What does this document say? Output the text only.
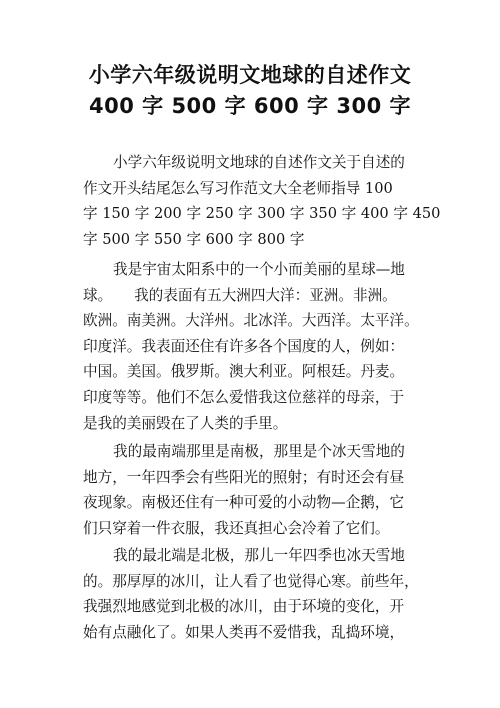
小学六年级说明文地球的自述作文
400 字 500 字 600 字 300 字
小学六年级说明文地球的自述作文关于自述的
作文开头结尾怎么写习作范文大全老师指导 100
字 150 字 200 字 250 字 300 字 350 字 400 字 450
字 500 字 550 字 600 字 800 字
我是宇宙太阳系中的一个小而美丽的星球—地
球。　　我的表面有五大洲四大洋：亚洲。非洲。
欧洲。南美洲。大洋州。北冰洋。大西洋。太平洋。
印度洋。我表面还住有许多各个国度的人，例如：
中国。美国。俄罗斯。澳大利亚。阿根廷。丹麦。
印度等等。他们不怎么爱惜我这位慈祥的母亲，于
是我的美丽毁在了人类的手里。
我的最南端那里是南极，那里是个冰天雪地的
地方，一年四季会有些阳光的照射；有时还会有昼
夜现象。南极还住有一种可爱的小动物—企鹅，它
们只穿着一件衣服，我还真担心会冷着了它们。
我的最北端是北极，那儿一年四季也冰天雪地
的。那厚厚的冰川，让人看了也觉得心寒。前些年，
我强烈地感觉到北极的冰川，由于环境的变化，开
始有点融化了。如果人类再不爱惜我，乱捣环境，
